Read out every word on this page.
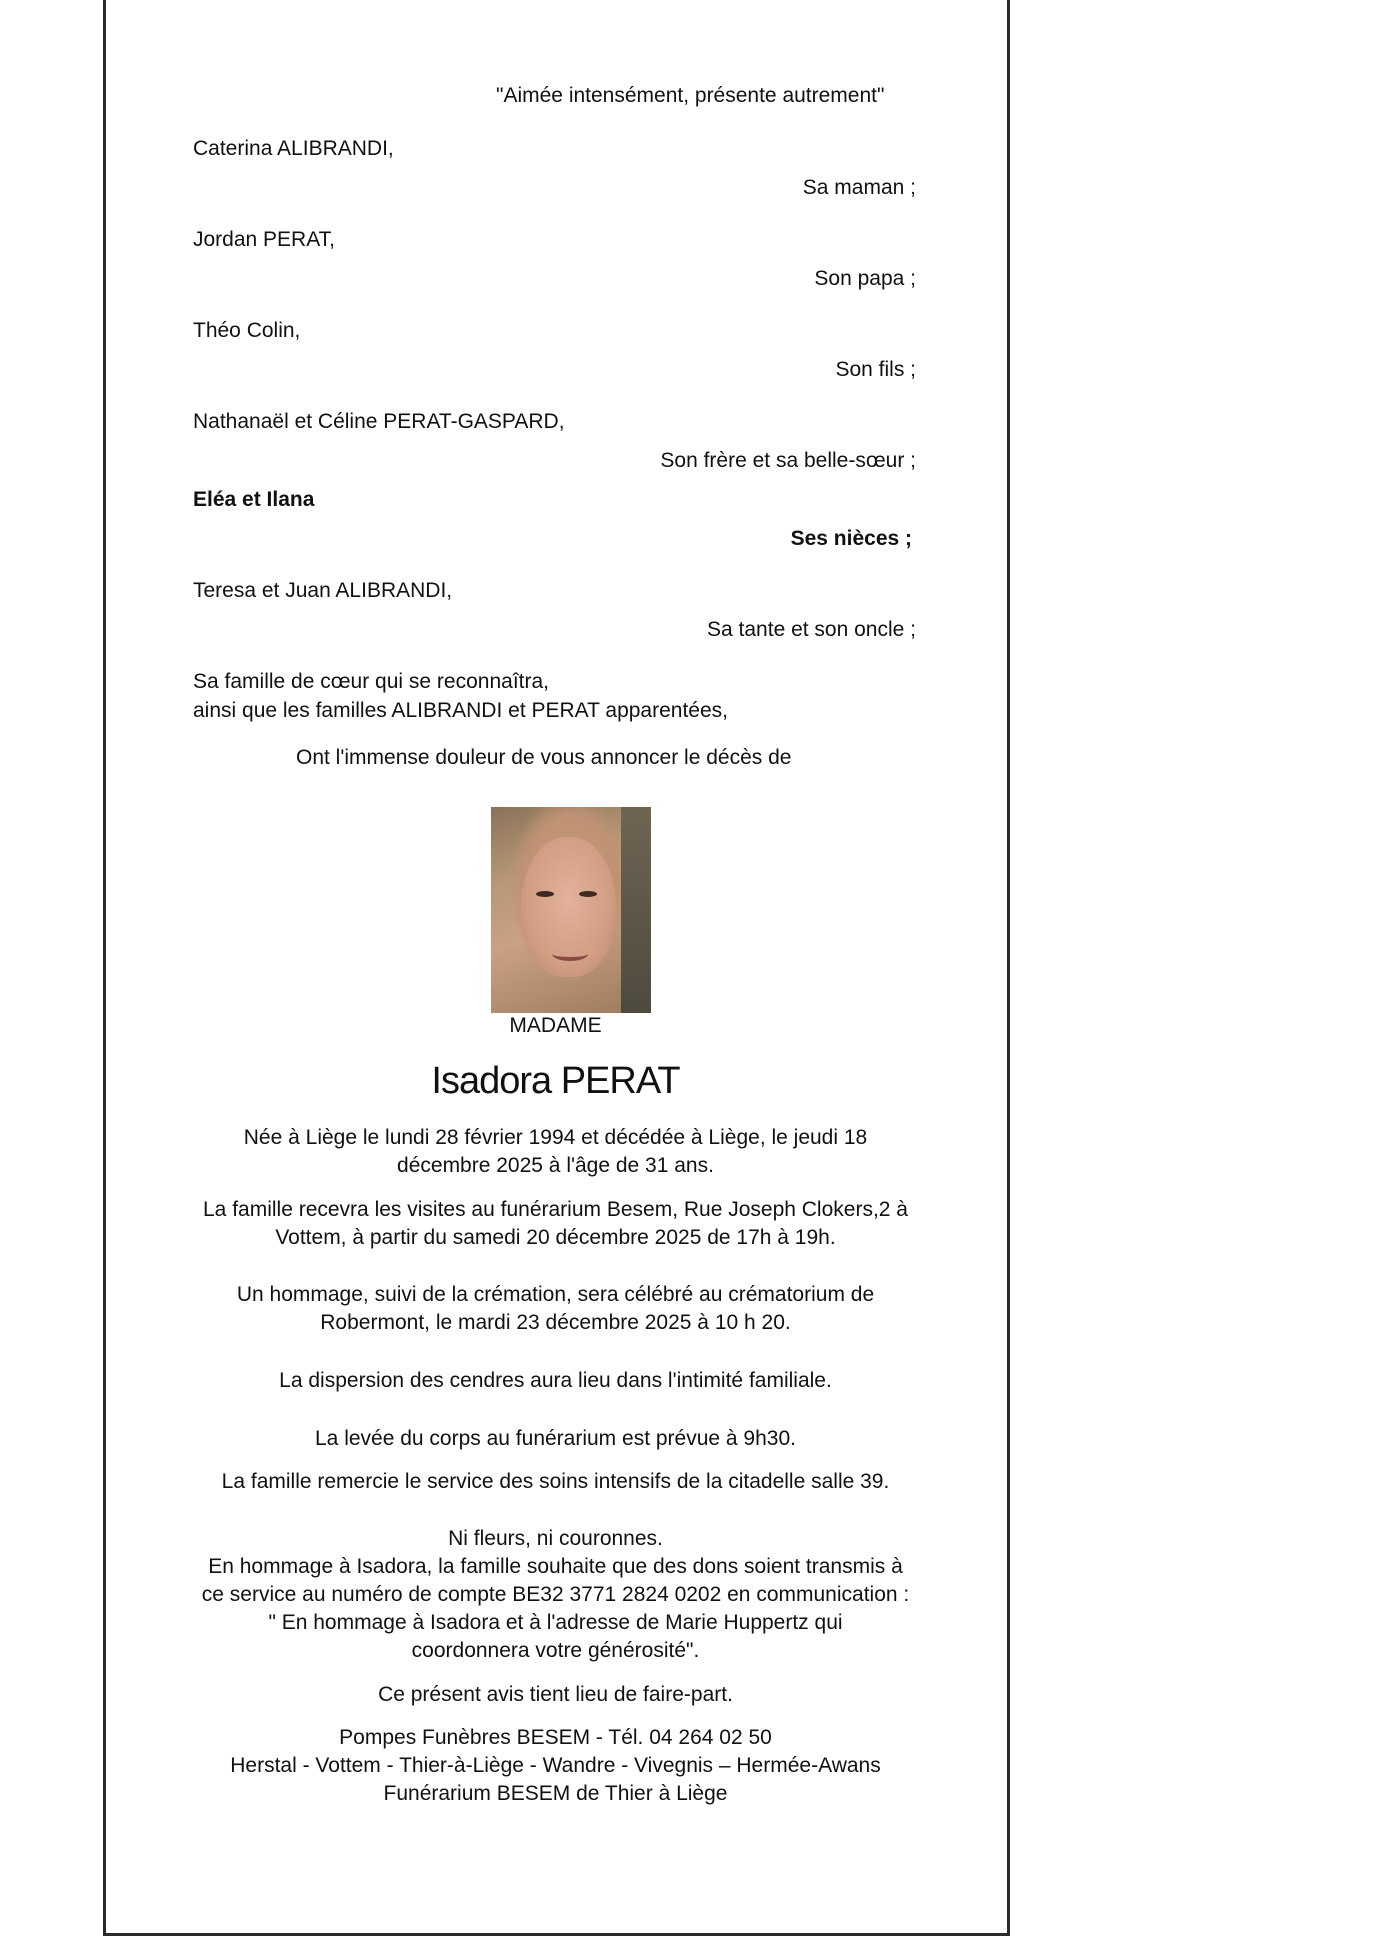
"Aimée intensément, présente autrement"
Caterina ALIBRANDI,
Sa maman ;
Jordan PERAT,
Son papa ;
Théo Colin,
Son fils ;
Nathanaël et Céline PERAT-GASPARD,
Son frère et sa belle-sœur ;
Eléa et Ilana
Ses nièces ;
Teresa et Juan ALIBRANDI,
Sa tante et son oncle ;
Sa famille de cœur qui se reconnaîtra,
ainsi que les familles ALIBRANDI et PERAT apparentées,
Ont l'immense douleur de vous annoncer le décès de
MADAME
Isadora PERAT
Née à Liège le lundi 28 février 1994 et décédée à Liège, le jeudi 18
décembre 2025 à l'âge de 31 ans.
La famille recevra les visites au funérarium Besem, Rue Joseph Clokers,2 à
Vottem, à partir du samedi 20 décembre 2025 de 17h à 19h.
Un hommage, suivi de la crémation, sera célébré au crématorium de
Robermont, le mardi 23 décembre 2025 à 10 h 20.
La dispersion des cendres aura lieu dans l'intimité familiale.
La levée du corps au funérarium est prévue à 9h30.
La famille remercie le service des soins intensifs de la citadelle salle 39.
Ni fleurs, ni couronnes.
En hommage à Isadora, la famille souhaite que des dons soient transmis à
ce service au numéro de compte BE32 3771 2824 0202 en communication :
" En hommage à Isadora et à l'adresse de Marie Huppertz qui
coordonnera votre générosité".
Ce présent avis tient lieu de faire-part.
Pompes Funèbres BESEM - Tél. 04 264 02 50
Herstal - Vottem - Thier-à-Liège - Wandre - Vivegnis – Hermée-Awans
Funérarium BESEM de Thier à Liège
